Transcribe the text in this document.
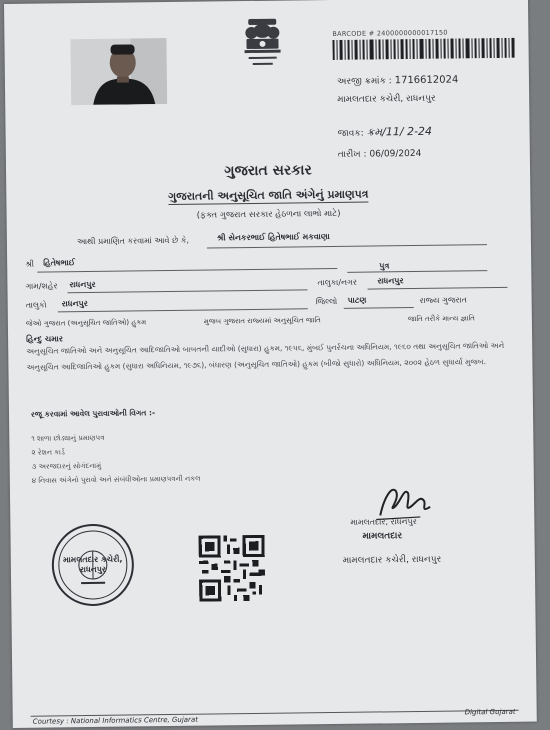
BARCODE # 2400000000017150
અરજી ક્રમાંક : 1716612024
મામલતદાર કચેરી, રાધનપુર
જાવક: ક્રમ/11/ 2-24
તારીખ : 06/09/2024
ગુજરાત સરકાર
ગુજરાતની અનુસૂચિત જાતિ અંગેનું પ્રમાણપત્ર
(ફક્ત ગુજરાત સરકાર હેઠળના લાભો માટે)
આથી પ્રમાણિત કરવામાં આવે છે કે,	શ્રી સેનકરભાઈ હિતેષભાઈ મકવાણા
શ્રી હિતેષભાઈ	પુત્ર
ગામ/શહેર રાધનપુર	તાલુકા/નગર	રાધનપુર
તાલુકો રાધનપુર	જિલ્લો પાટણ	રાજ્ય ગુજરાત
જેઓ ગુજરાત (અનુસૂચિત જાતિઓ) હુકમ	મુજબ ગુજરાત રાજ્યમાં અનુસૂચિત જાતિ	જાતિ તરીકે માન્ય જ્ઞાતિ
હિન્દુ ચમાર
અનુસૂચિત જાતિઓ અને અનુસૂચિત આદિજાતિઓ બાબતની યાદીઓ (સુધારા) હુકમ, ૧૯૫૬, મુંબઈ પુનર્રચના અધિનિયમ, ૧૯૬૦ તથા અનુસૂચિત જાતિઓ અને અનુસૂચિત આદિજાતિઓ હુકમ (સુધારા અધિનિયમ, ૧૯૭૬), બંધારણ (અનુસૂચિત જાતિઓ) હુકમ (બીજો સુધારો) અધિનિયમ, ૨૦૦૨ હેઠળ સુધાર્યા મુજબ.
રજૂ કરવામાં આવેલ પુરાવાઓની વિગત :-
૧ શાળા છોડ્યાનું પ્રમાણપત્ર
૨ રેશન કાર્ડ
૩ અરજદારનું સોગંદનામું
૪ નિવાસ અંગેનો પુરાવો અને સંબંધીઓના પ્રમાણપત્રની નકલ
મામલતદાર કચેરી, રાધનપુર
મામલતદાર, રાધનપુર
મામલતદાર
મામલતદાર કચેરી, રાધનપુર
Courtesy : National Informatics Centre, Gujarat
Digital Gujarat
